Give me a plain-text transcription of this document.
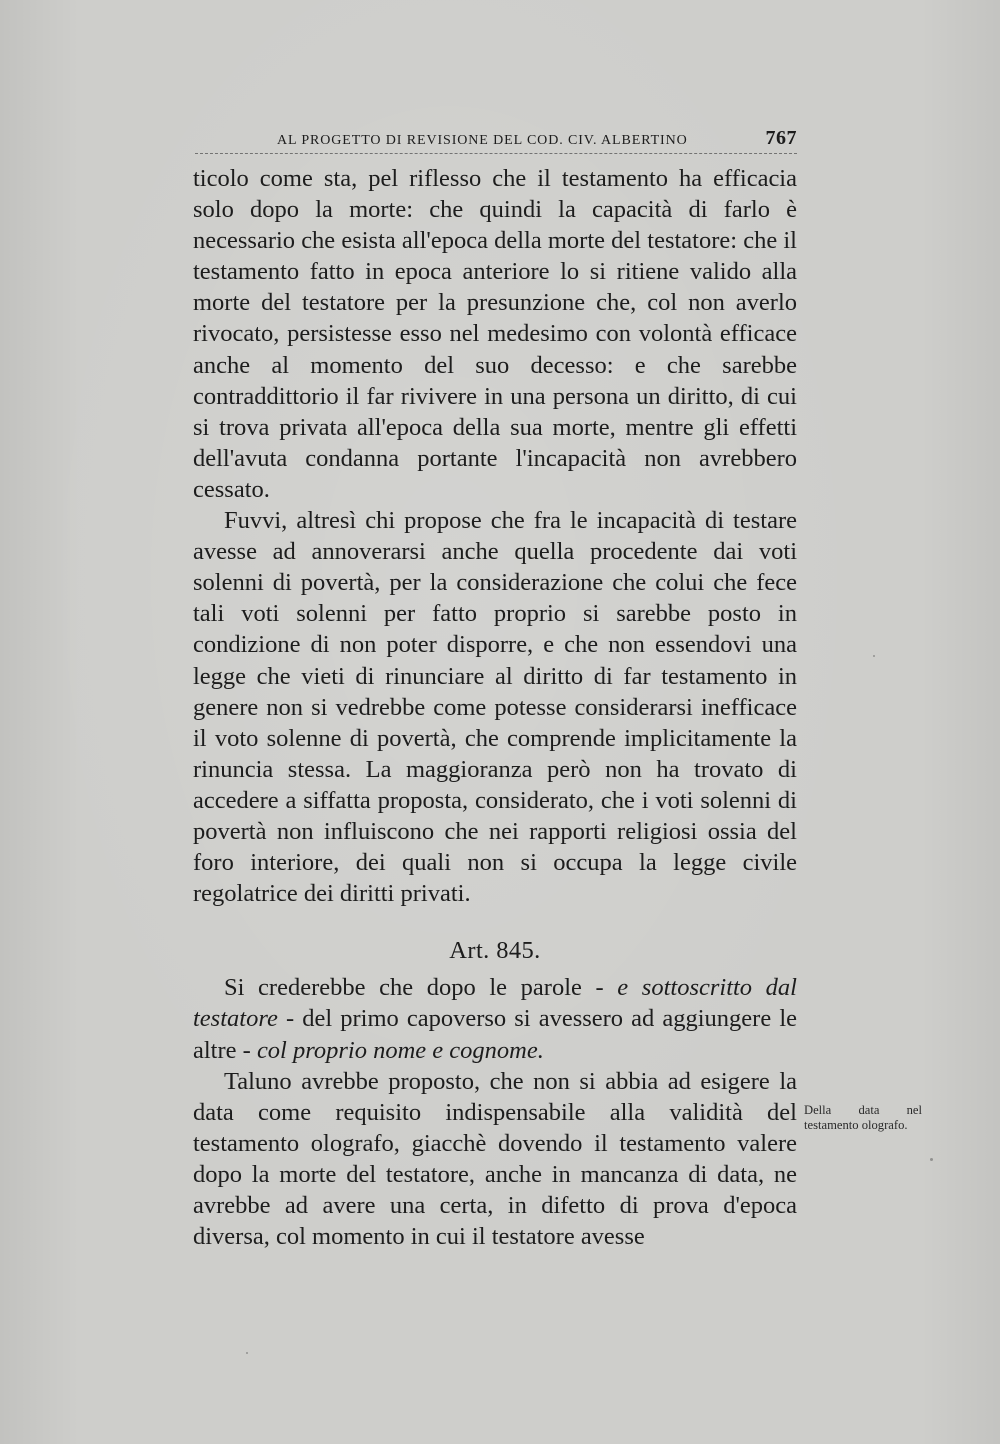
AL PROGETTO DI REVISIONE DEL COD. CIV. ALBERTINO	767

ticolo come sta, pel riflesso che il testamento ha efficacia solo dopo la morte: che quindi la capacità di farlo è necessario che esista all'epoca della morte del testatore: che il testamento fatto in epoca anteriore lo si ritiene valido alla morte del testatore per la presunzione che, col non averlo rivocato, persistesse esso nel medesimo con volontà efficace anche al momento del suo decesso: e che sarebbe contraddittorio il far rivivere in una persona un diritto, di cui si trova privata all'epoca della sua morte, mentre gli effetti dell'avuta condanna portante l'incapacità non avrebbero cessato.

Fuvvi, altresì chi propose che fra le incapacità di testare avesse ad annoverarsi anche quella procedente dai voti solenni di povertà, per la considerazione che colui che fece tali voti solenni per fatto proprio si sarebbe posto in condizione di non poter disporre, e che non essendovi una legge che vieti di rinunciare al diritto di far testamento in genere non si vedrebbe come potesse considerarsi inefficace il voto solenne di povertà, che comprende implicitamente la rinuncia stessa. La maggioranza però non ha trovato di accedere a siffatta proposta, considerato, che i voti solenni di povertà non influiscono che nei rapporti religiosi ossia del foro interiore, dei quali non si occupa la legge civile regolatrice dei diritti privati.

Art. 845.

Si crederebbe che dopo le parole - e sottoscritto dal testatore - del primo capoverso si avessero ad aggiungere le altre - col proprio nome e cognome.

Taluno avrebbe proposto, che non si abbia ad esigere la data come requisito indispensabile alla validità del testamento olografo, giacchè dovendo il testamento valere dopo la morte del testatore, anche in mancanza di data, ne avrebbe ad avere una certa, in difetto di prova d'epoca diversa, col momento in cui il testatore avesse

Della data nel testamento olografo.
